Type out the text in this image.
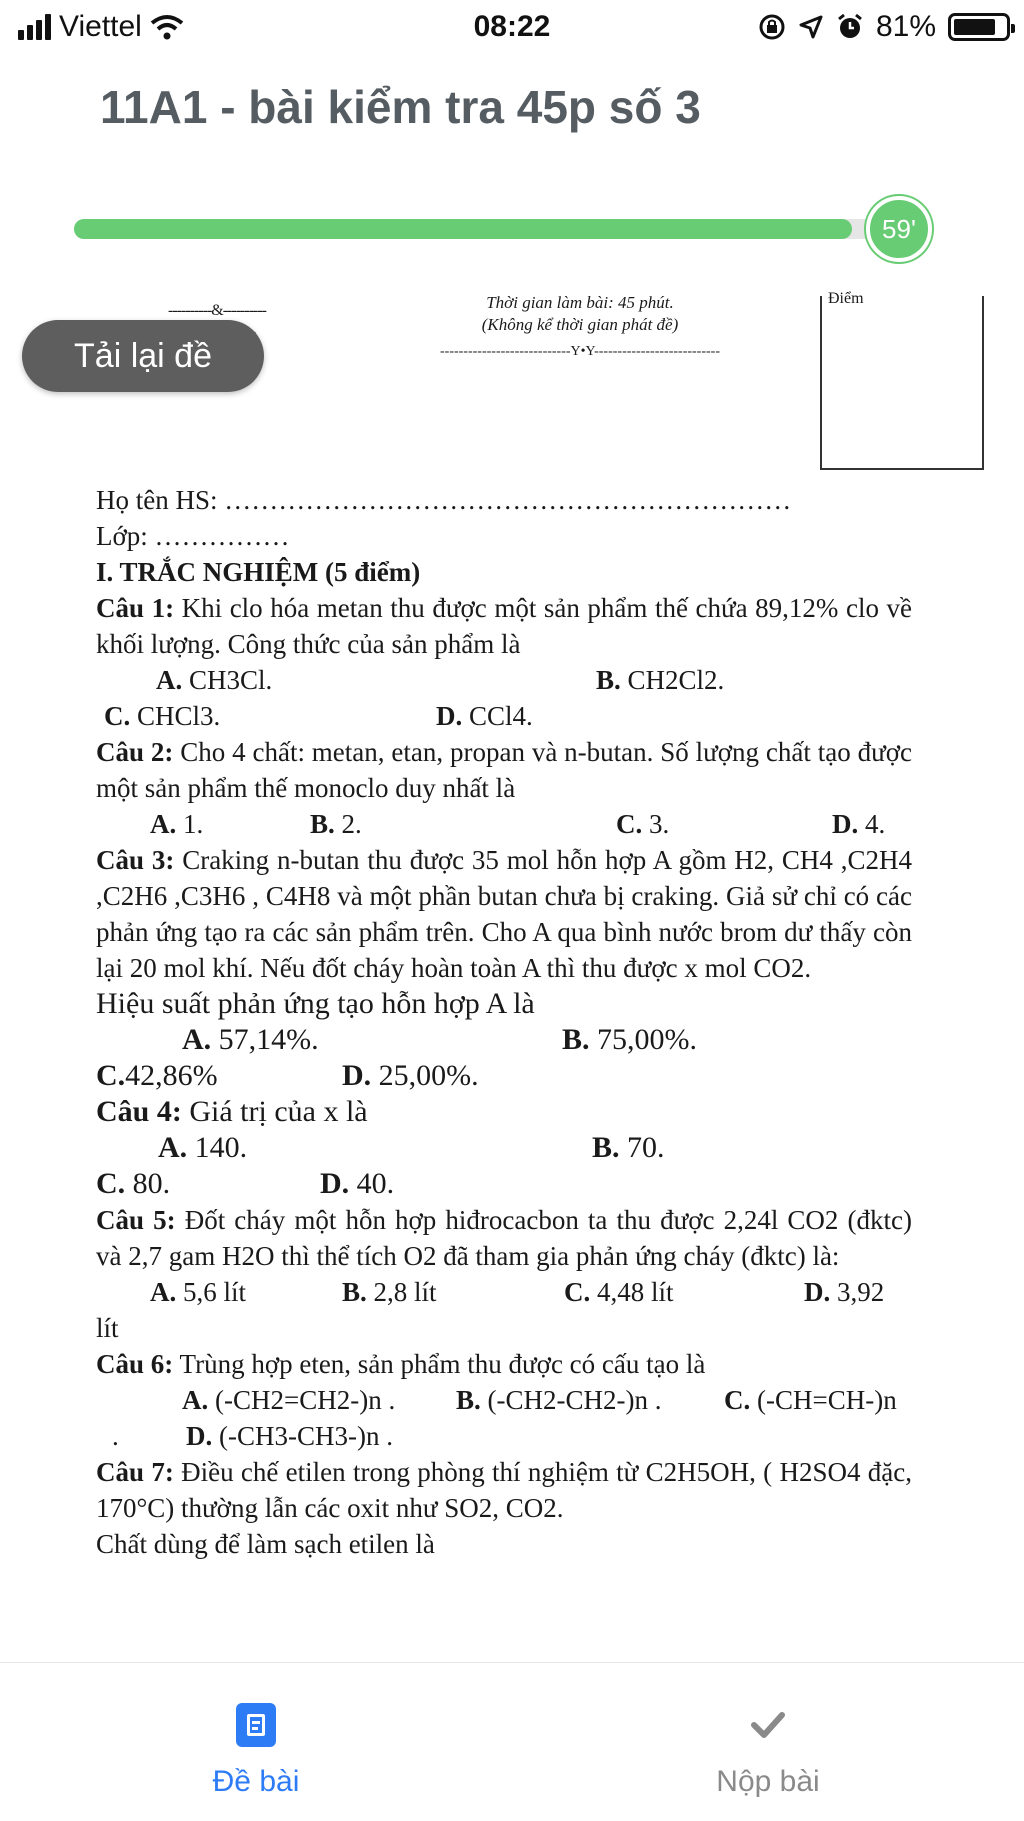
Viettel	08:22	81%
11A1 - bài kiểm tra 45p số 3
59'
----------&----------	Thời gian làm bài: 45 phút.
(Không kể thời gian phát đề)
----------------------------Y•Y---------------------------
Điểm
Tải lại đề

Họ tên HS: ………………………………………………………

Lớp: ……………

I. TRẮC NGHIỆM (5 điểm)

Câu 1: Khi clo hóa metan thu được một sản phẩm thế chứa 89,12% clo về khối lượng. Công thức của sản phẩm là

A. CH3Cl.	B. CH2Cl2.
C. CHCl3.	D. CCl4.

Câu 2: Cho 4 chất: metan, etan, propan và n-butan. Số lượng chất tạo được một sản phẩm thế monoclo duy nhất là

A. 1.	B. 2.	C. 3.	D. 4.

Câu 3: Craking n-butan thu được 35 mol hỗn hợp A gồm H2, CH4 ,C2H4 ,C2H6 ,C3H6 , C4H8 và một phần butan chưa bị craking. Giả sử chỉ có các phản ứng tạo ra các sản phẩm trên. Cho A qua bình nước brom dư thấy còn lại 20 mol khí. Nếu đốt cháy hoàn toàn A thì thu được x mol CO2.

Hiệu suất phản ứng tạo hỗn hợp A là

A. 57,14%.	B. 75,00%.
C.42,86%	D. 25,00%.

Câu 4: Giá trị của x là

A. 140.	B. 70.
C. 80.	D. 40.

Câu 5: Đốt cháy một hỗn hợp hiđrocacbon ta thu được 2,24l CO2 (đktc) và 2,7 gam H2O thì thể tích O2 đã tham gia phản ứng cháy (đktc) là:

A. 5,6 lít	B. 2,8 lít	C. 4,48 lít	D. 3,92

lít

Câu 6: Trùng hợp eten, sản phẩm thu được có cấu tạo là

A. (-CH2=CH2-)n . B. (-CH2-CH2-)n . C. (-CH=CH-)n
. D. (-CH3-CH3-)n .

Câu 7: Điều chế etilen trong phòng thí nghiệm từ C2H5OH, ( H2SO4 đặc, 170°C) thường lẫn các oxit như SO2, CO2.

Chất dùng để làm sạch etilen là

Đề bài	Nộp bài
